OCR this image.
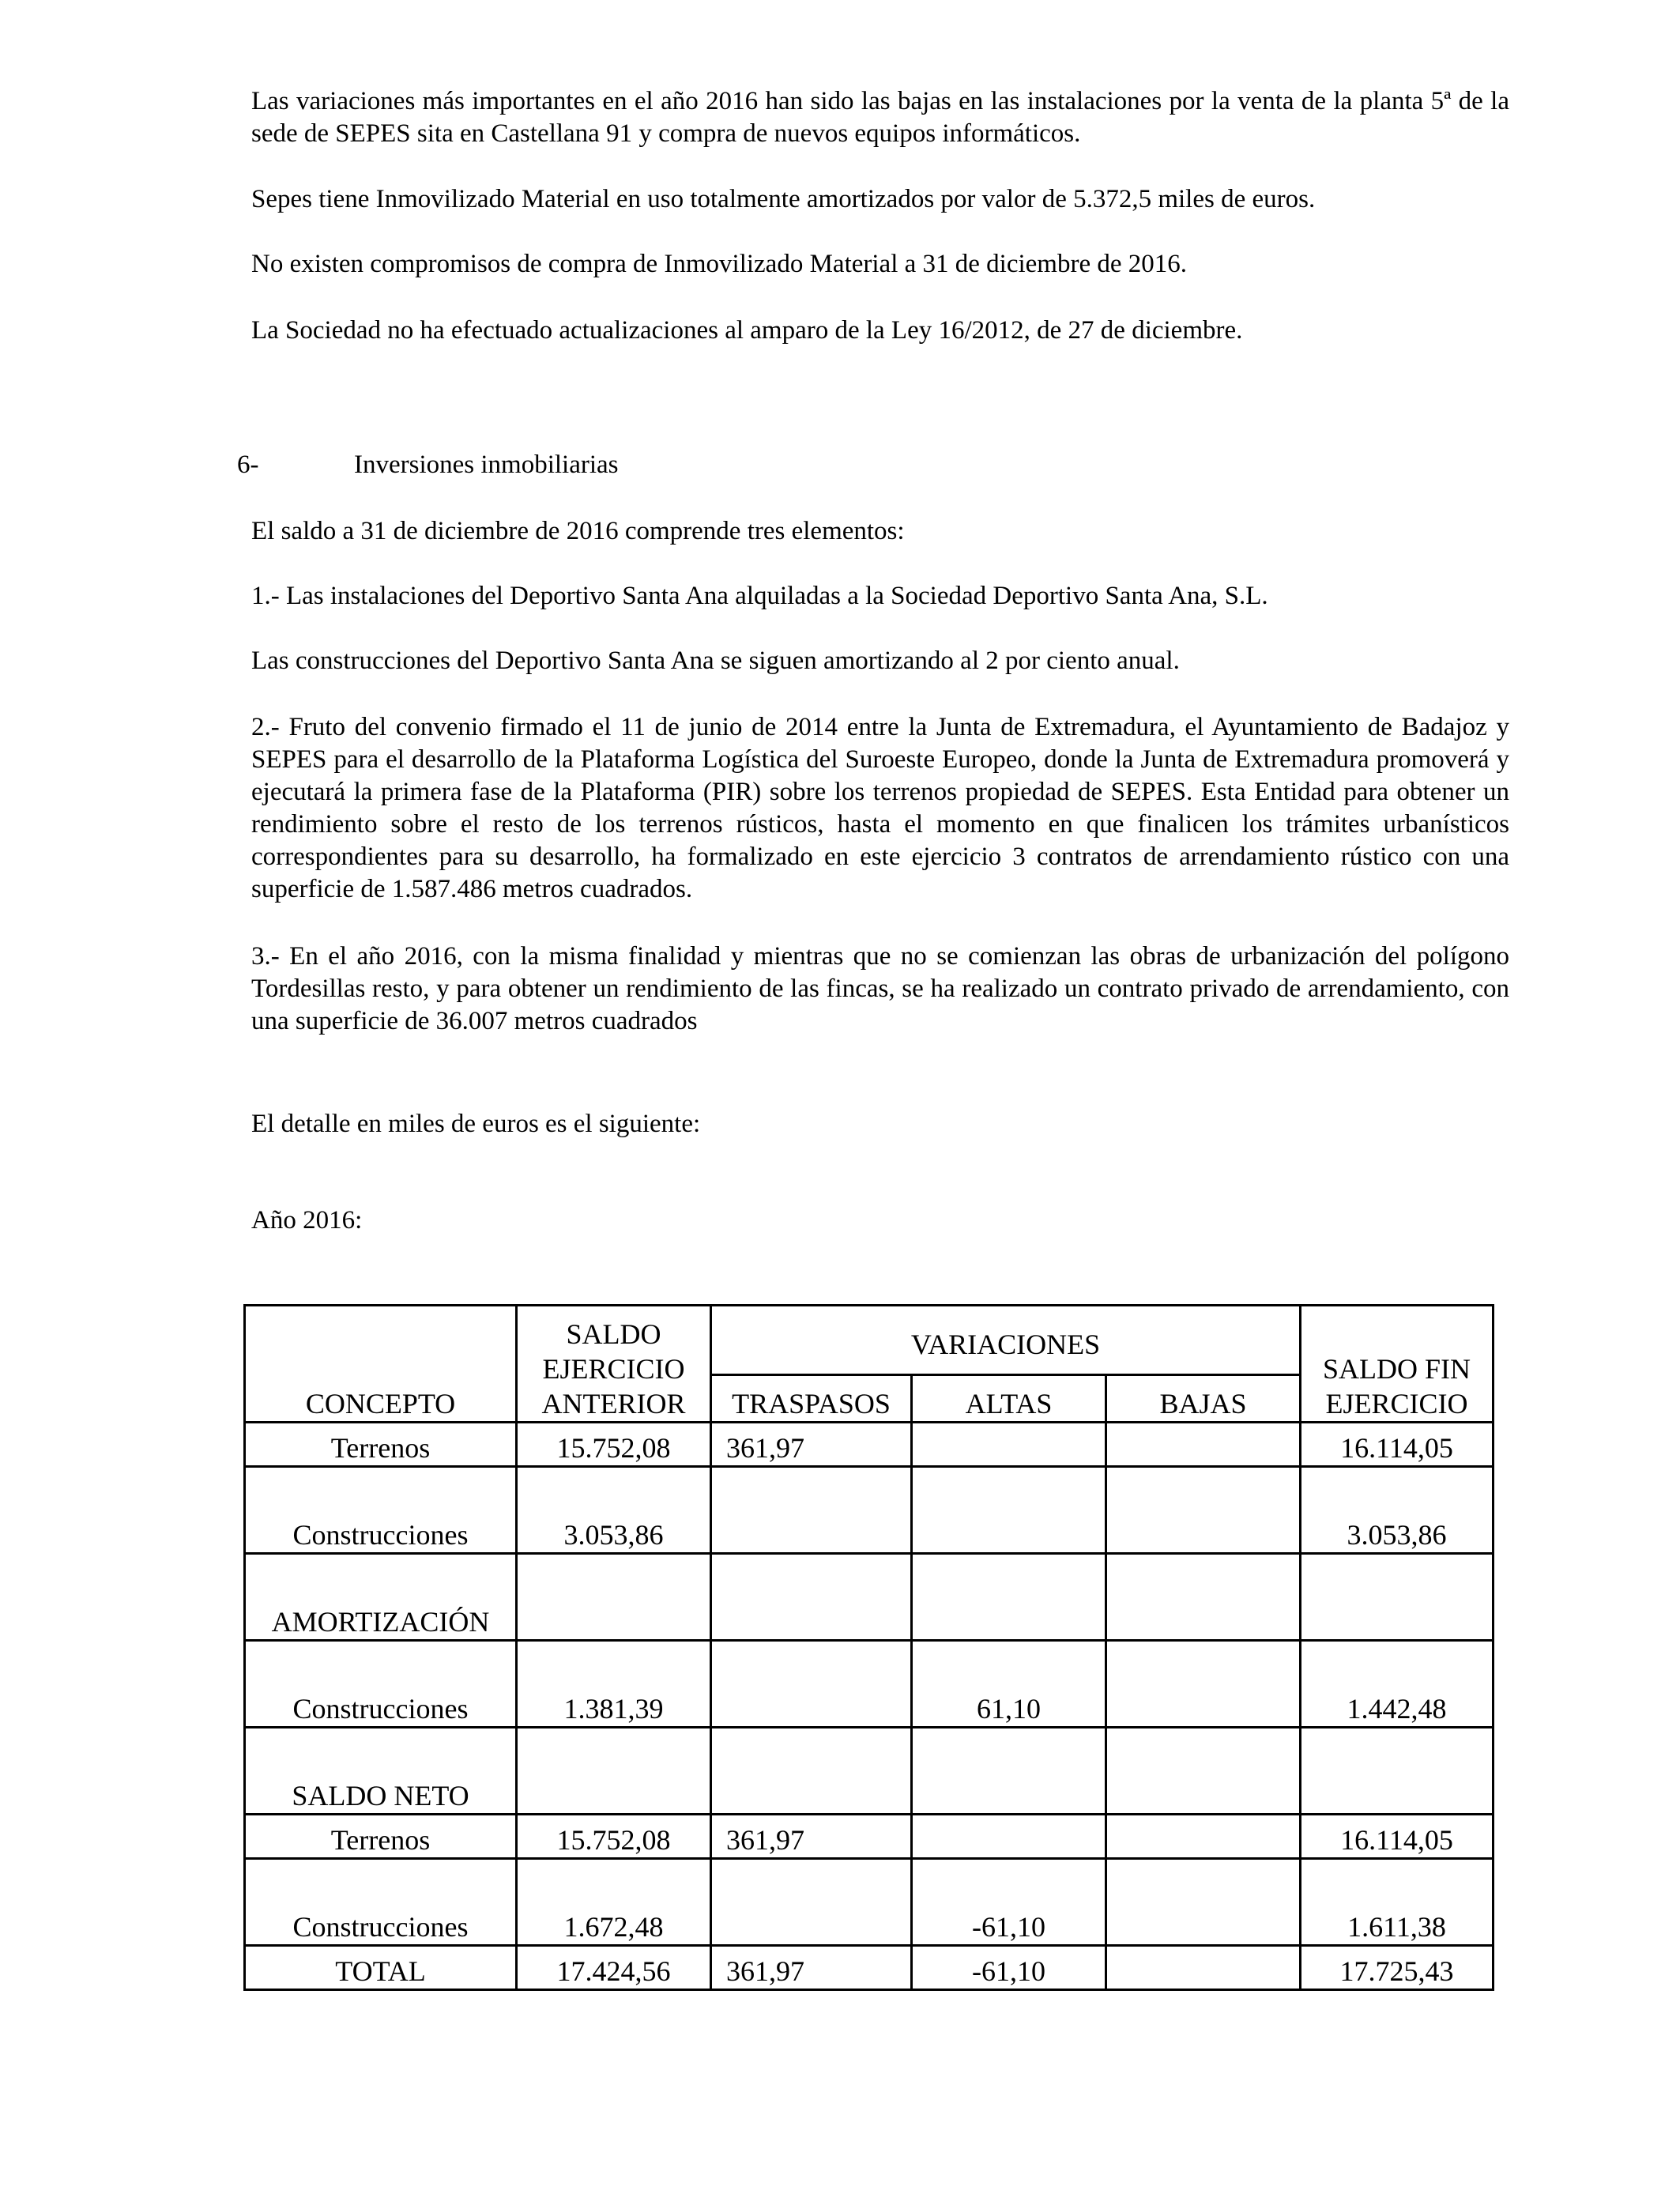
Las variaciones más importantes en el año 2016 han sido las bajas en las instalaciones por la venta de la planta 5ª de la sede de SEPES sita en Castellana 91 y compra de nuevos equipos informáticos.

Sepes tiene Inmovilizado Material en uso totalmente amortizados por valor de 5.372,5 miles de euros.

No existen compromisos de compra de Inmovilizado Material a 31 de diciembre de 2016.

La Sociedad no ha efectuado actualizaciones al amparo de la Ley 16/2012, de 27 de diciembre.

6-	Inversiones inmobiliarias

El saldo a 31 de diciembre de 2016 comprende tres elementos:

1.- Las instalaciones del Deportivo Santa Ana alquiladas a la Sociedad Deportivo Santa Ana, S.L.

Las construcciones del Deportivo Santa Ana se siguen amortizando al 2 por ciento anual.

2.- Fruto del convenio firmado el 11 de junio de 2014 entre la Junta de Extremadura, el Ayuntamiento de Badajoz y SEPES para el desarrollo de la Plataforma Logística del Suroeste Europeo, donde la Junta de Extremadura promoverá y ejecutará la primera fase de la Plataforma (PIR) sobre los terrenos propiedad de SEPES. Esta Entidad para obtener un rendimiento sobre el resto de los terrenos rústicos, hasta el momento en que finalicen los trámites urbanísticos correspondientes para su desarrollo, ha formalizado en este ejercicio 3 contratos de arrendamiento rústico con una superficie de 1.587.486 metros cuadrados.

3.- En el año 2016, con la misma finalidad y mientras que no se comienzan las obras de urbanización del polígono Tordesillas resto, y para obtener un rendimiento de las fincas, se ha realizado un contrato privado de arrendamiento, con una superficie de 36.007 metros cuadrados

El detalle en miles de euros es el siguiente:

Año 2016:

CONCEPTO	SALDO EJERCICIO ANTERIOR	VARIACIONES			SALDO FIN EJERCICIO
		TRASPASOS	ALTAS	BAJAS	
Terrenos	15.752,08	361,97			16.114,05
Construcciones	3.053,86				3.053,86
AMORTIZACIÓN					
Construcciones	1.381,39		61,10		1.442,48
SALDO NETO					
Terrenos	15.752,08	361,97			16.114,05
Construcciones	1.672,48		-61,10		1.611,38
TOTAL	17.424,56	361,97	-61,10		17.725,43
